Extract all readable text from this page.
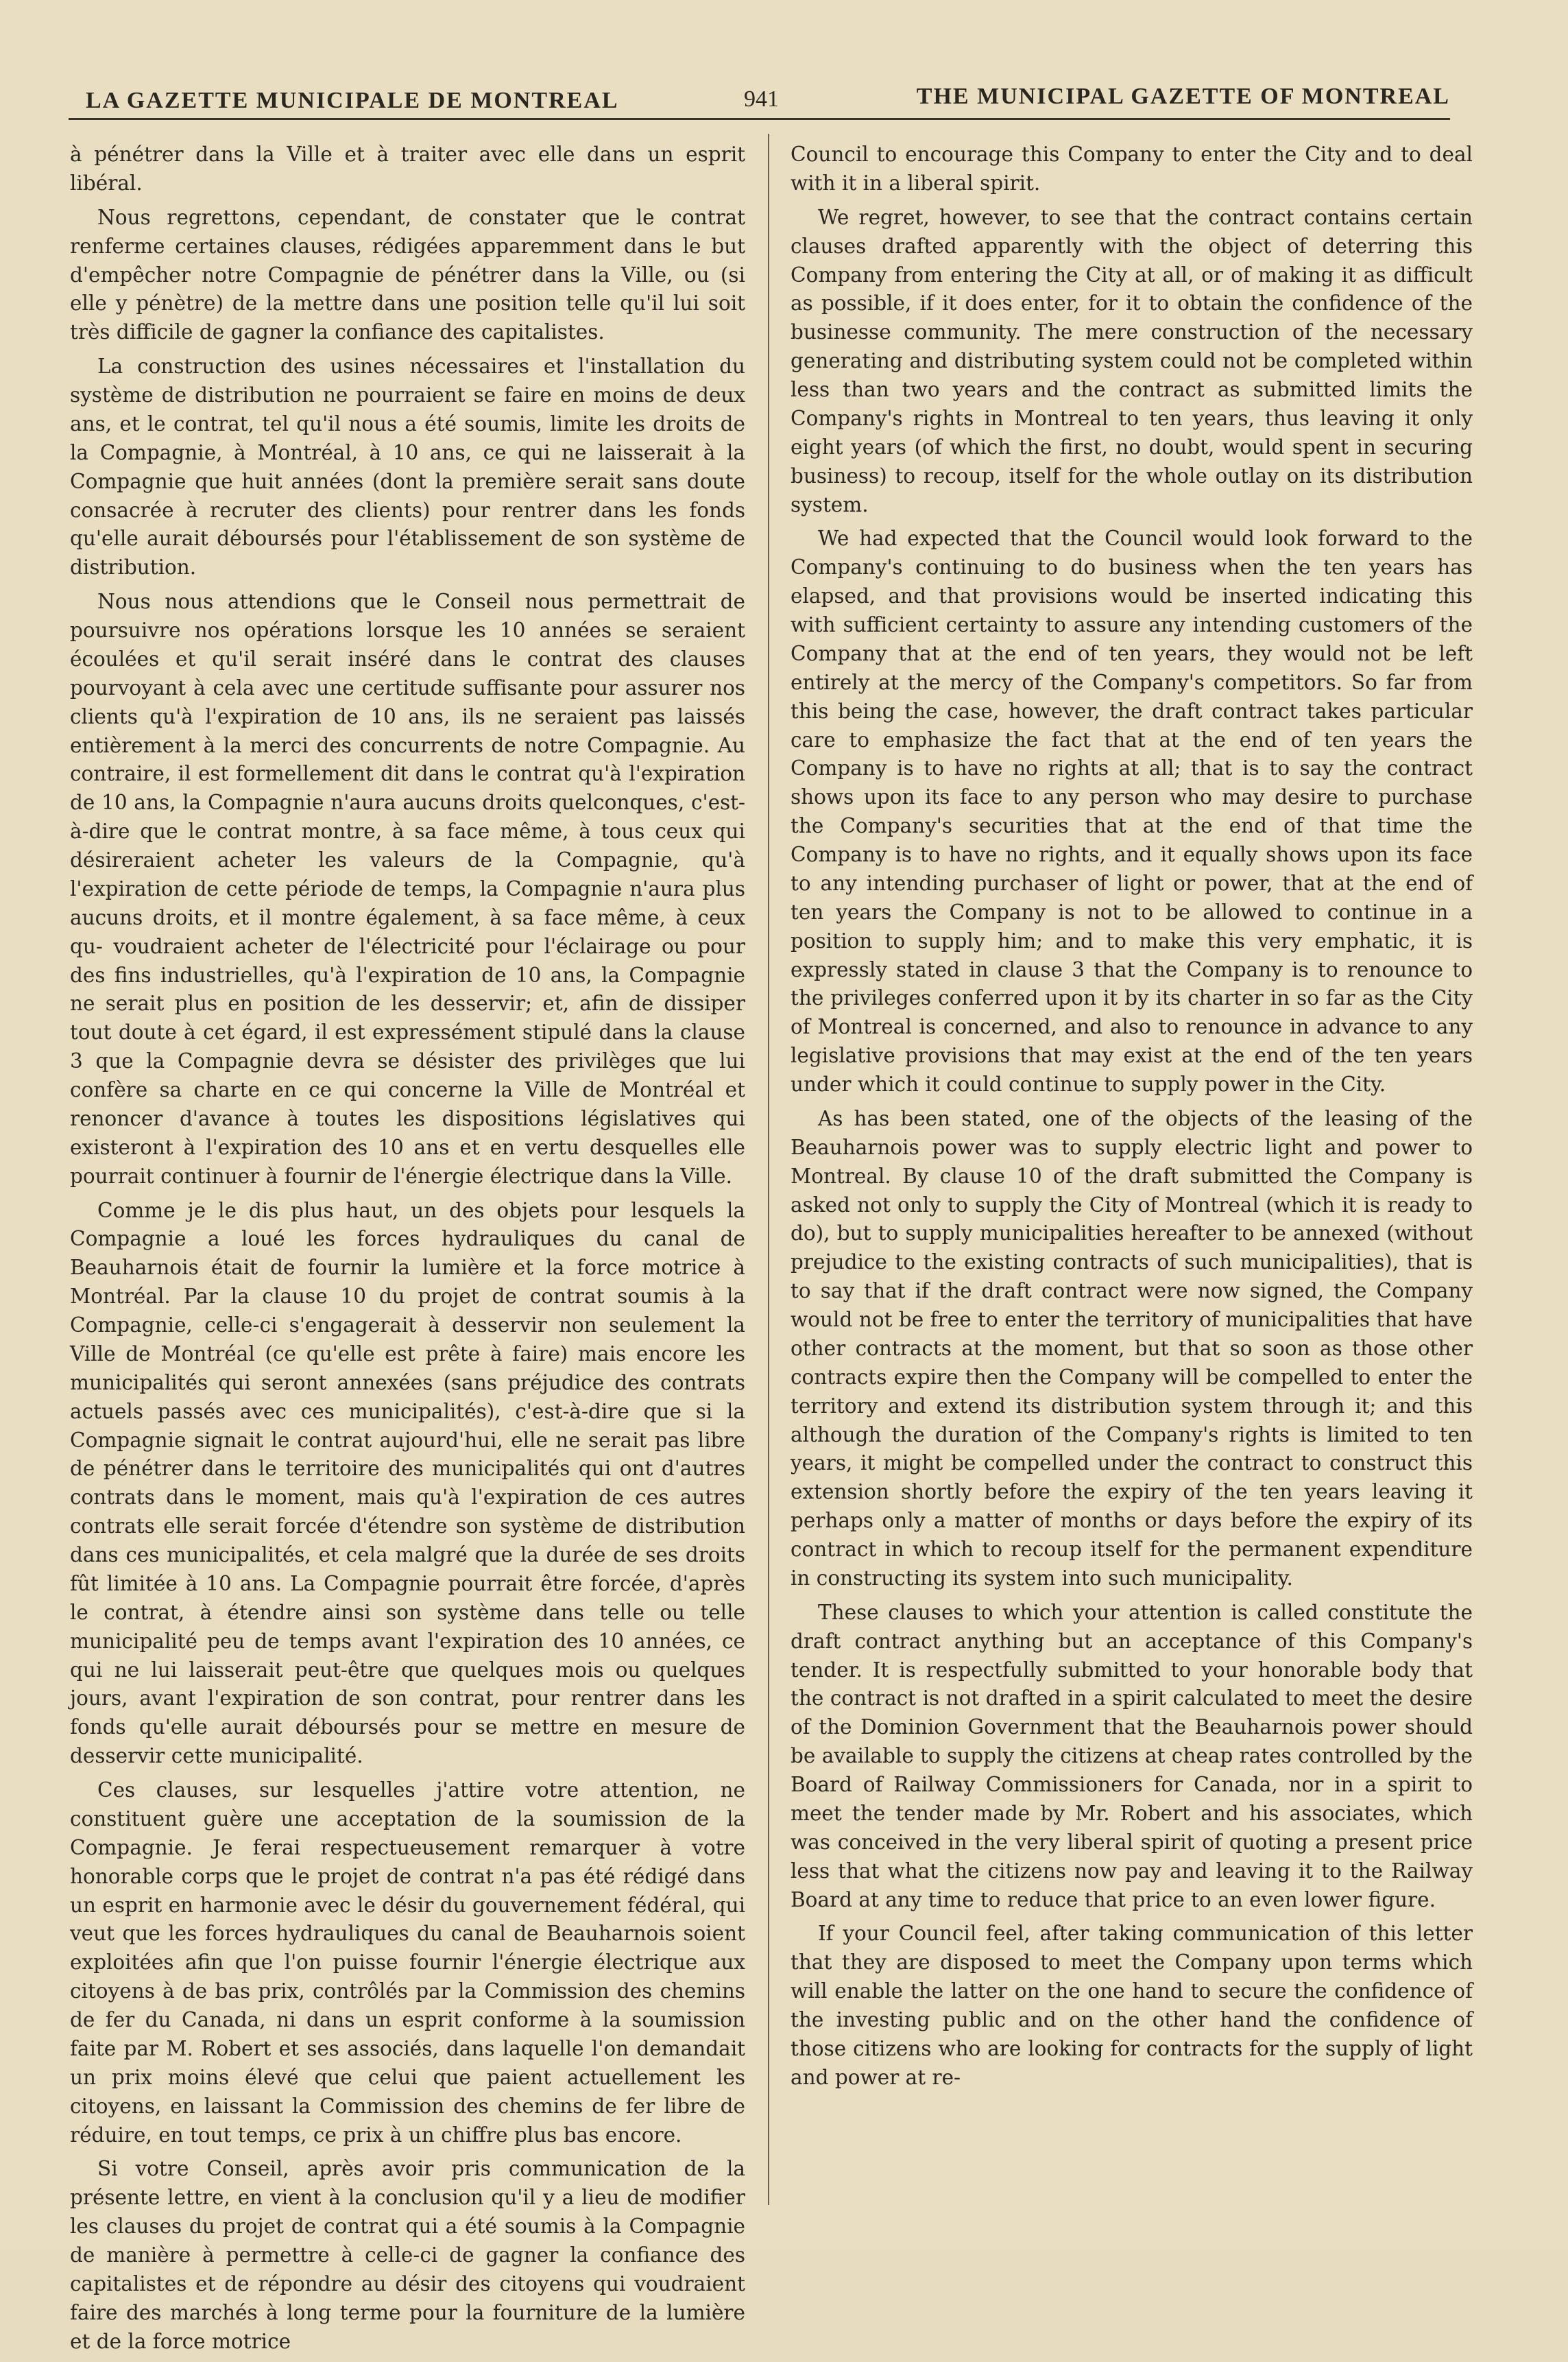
LA GAZETTE MUNICIPALE DE MONTREAL	941	THE MUNICIPAL GAZETTE OF MONTREAL

à pénétrer dans la Ville et à traiter avec elle dans un esprit libéral.

Nous regrettons, cependant, de constater que le contrat renferme certaines clauses, rédigées apparemment dans le but d'empêcher notre Compagnie de pénétrer dans la Ville, ou (si elle y pénètre) de la mettre dans une position telle qu'il lui soit très difficile de gagner la confiance des capitalistes.

La construction des usines nécessaires et l'installation du système de distribution ne pourraient se faire en moins de deux ans, et le contrat, tel qu'il nous a été soumis, limite les droits de la Compagnie, à Montréal, à 10 ans, ce qui ne laisserait à la Compagnie que huit années (dont la première serait sans doute consacrée à recruter des clients) pour rentrer dans les fonds qu'elle aurait déboursés pour l'établissement de son système de distribution.

Nous nous attendions que le Conseil nous permettrait de poursuivre nos opérations lorsque les 10 années se seraient écoulées et qu'il serait inséré dans le contrat des clauses pourvoyant à cela avec une certitude suffisante pour assurer nos clients qu'à l'expiration de 10 ans, ils ne seraient pas laissés entièrement à la merci des concurrents de notre Compagnie. Au contraire, il est formellement dit dans le contrat qu'à l'expiration de 10 ans, la Compagnie n'aura aucuns droits quelconques, c'est-à-dire que le contrat montre, à sa face même, à tous ceux qui désireraient acheter les valeurs de la Compagnie, qu'à l'expiration de cette période de temps, la Compagnie n'aura plus aucuns droits, et il montre également, à sa face même, à ceux qu- voudraient acheter de l'électricité pour l'éclairage ou pour des fins industrielles, qu'à l'expiration de 10 ans, la Compagnie ne serait plus en position de les desservir; et, afin de dissiper tout doute à cet égard, il est expressément stipulé dans la clause 3 que la Compagnie devra se désister des privilèges que lui confère sa charte en ce qui concerne la Ville de Montréal et renoncer d'avance à toutes les dispositions législatives qui existeront à l'expiration des 10 ans et en vertu desquelles elle pourrait continuer à fournir de l'énergie électrique dans la Ville.

Comme je le dis plus haut, un des objets pour lesquels la Compagnie a loué les forces hydrauliques du canal de Beauharnois était de fournir la lumière et la force motrice à Montréal. Par la clause 10 du projet de contrat soumis à la Compagnie, celle-ci s'engagerait à desservir non seulement la Ville de Montréal (ce qu'elle est prête à faire) mais encore les municipalités qui seront annexées (sans préjudice des contrats actuels passés avec ces municipalités), c'est-à-dire que si la Compagnie signait le contrat aujourd'hui, elle ne serait pas libre de pénétrer dans le territoire des municipalités qui ont d'autres contrats dans le moment, mais qu'à l'expiration de ces autres contrats elle serait forcée d'étendre son système de distribution dans ces municipalités, et cela malgré que la durée de ses droits fût limitée à 10 ans. La Compagnie pourrait être forcée, d'après le contrat, à étendre ainsi son système dans telle ou telle municipalité peu de temps avant l'expiration des 10 années, ce qui ne lui laisserait peut-être que quelques mois ou quelques jours, avant l'expiration de son contrat, pour rentrer dans les fonds qu'elle aurait déboursés pour se mettre en mesure de desservir cette municipalité.

Ces clauses, sur lesquelles j'attire votre attention, ne constituent guère une acceptation de la soumission de la Compagnie. Je ferai respectueusement remarquer à votre honorable corps que le projet de contrat n'a pas été rédigé dans un esprit en harmonie avec le désir du gouvernement fédéral, qui veut que les forces hydrauliques du canal de Beauharnois soient exploitées afin que l'on puisse fournir l'énergie électrique aux citoyens à de bas prix, contrôlés par la Commission des chemins de fer du Canada, ni dans un esprit conforme à la soumission faite par M. Robert et ses associés, dans laquelle l'on demandait un prix moins élevé que celui que paient actuellement les citoyens, en laissant la Commission des chemins de fer libre de réduire, en tout temps, ce prix à un chiffre plus bas encore.

Si votre Conseil, après avoir pris communication de la présente lettre, en vient à la conclusion qu'il y a lieu de modifier les clauses du projet de contrat qui a été soumis à la Compagnie de manière à permettre à celle-ci de gagner la confiance des capitalistes et de répondre au désir des citoyens qui voudraient faire des marchés à long terme pour la fourniture de la lumière et de la force motrice

Council to encourage this Company to enter the City and to deal with it in a liberal spirit.

We regret, however, to see that the contract contains certain clauses drafted apparently with the object of deterring this Company from entering the City at all, or of making it as difficult as possible, if it does enter, for it to obtain the confidence of the businesse community. The mere construction of the necessary generating and distributing system could not be completed within less than two years and the contract as submitted limits the Company's rights in Montreal to ten years, thus leaving it only eight years (of which the first, no doubt, would spent in securing business) to recoup, itself for the whole outlay on its distribution system.

We had expected that the Council would look forward to the Company's continuing to do business when the ten years has elapsed, and that provisions would be inserted indicating this with sufficient certainty to assure any intending customers of the Company that at the end of ten years, they would not be left entirely at the mercy of the Company's competitors. So far from this being the case, however, the draft contract takes particular care to emphasize the fact that at the end of ten years the Company is to have no rights at all; that is to say the contract shows upon its face to any person who may desire to purchase the Company's securities that at the end of that time the Company is to have no rights, and it equally shows upon its face to any intending purchaser of light or power, that at the end of ten years the Company is not to be allowed to continue in a position to supply him; and to make this very emphatic, it is expressly stated in clause 3 that the Company is to renounce to the privileges conferred upon it by its charter in so far as the City of Montreal is concerned, and also to renounce in advance to any legislative provisions that may exist at the end of the ten years under which it could continue to supply power in the City.

As has been stated, one of the objects of the leasing of the Beauharnois power was to supply electric light and power to Montreal. By clause 10 of the draft submitted the Company is asked not only to supply the City of Montreal (which it is ready to do), but to supply municipalities hereafter to be annexed (without prejudice to the existing contracts of such municipalities), that is to say that if the draft contract were now signed, the Company would not be free to enter the territory of municipalities that have other contracts at the moment, but that so soon as those other contracts expire then the Company will be compelled to enter the territory and extend its distribution system through it; and this although the duration of the Company's rights is limited to ten years, it might be compelled under the contract to construct this extension shortly before the expiry of the ten years leaving it perhaps only a matter of months or days before the expiry of its contract in which to recoup itself for the permanent expenditure in constructing its system into such municipality.

These clauses to which your attention is called constitute the draft contract anything but an acceptance of this Company's tender. It is respectfully submitted to your honorable body that the contract is not drafted in a spirit calculated to meet the desire of the Dominion Government that the Beauharnois power should be available to supply the citizens at cheap rates controlled by the Board of Railway Commissioners for Canada, nor in a spirit to meet the tender made by Mr. Robert and his associates, which was conceived in the very liberal spirit of quoting a present price less that what the citizens now pay and leaving it to the Railway Board at any time to reduce that price to an even lower figure.

If your Council feel, after taking communication of this letter that they are disposed to meet the Company upon terms which will enable the latter on the one hand to secure the confidence of the investing public and on the other hand the confidence of those citizens who are looking for contracts for the supply of light and power at re-
